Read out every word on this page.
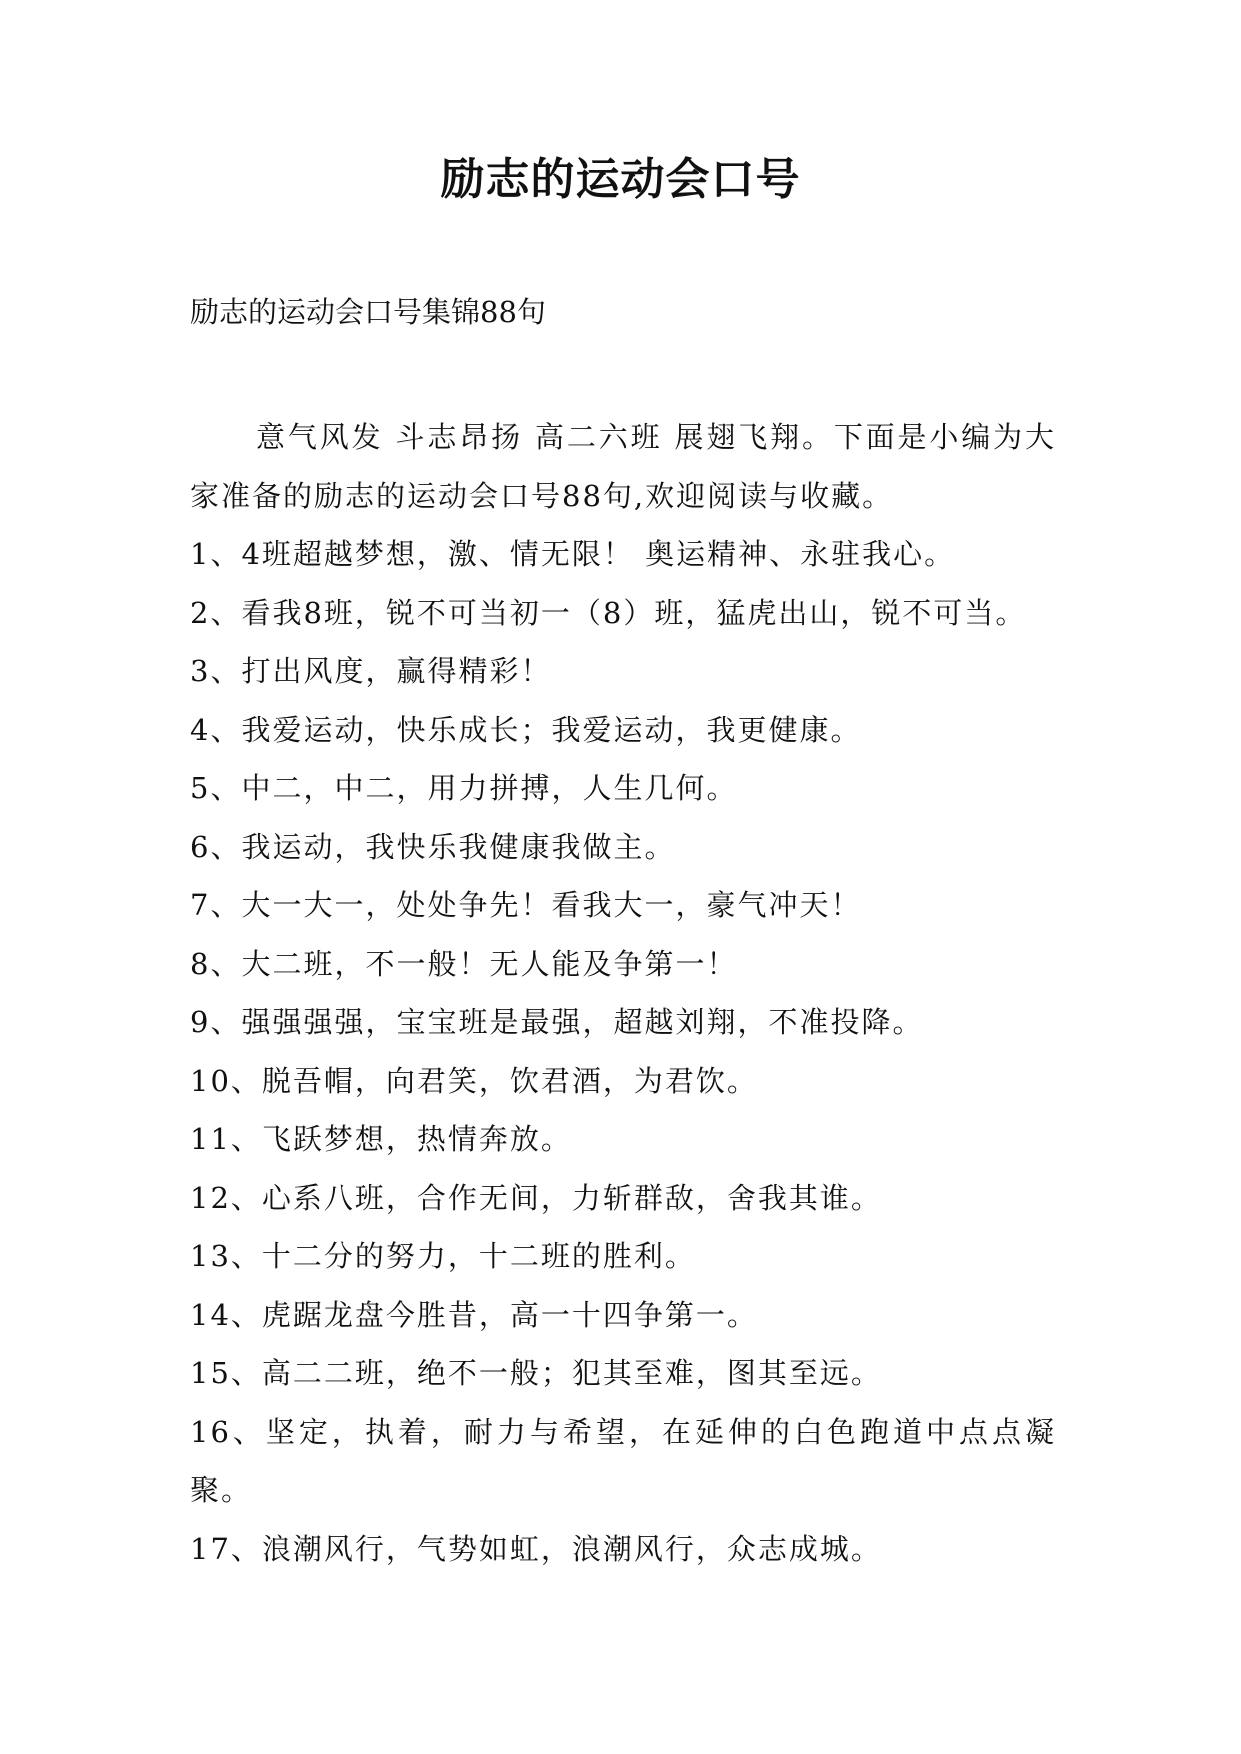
励志的运动会口号

励志的运动会口号集锦88句

意气风发 斗志昂扬 高二六班 展翅飞翔。下面是小编为大家准备的励志的运动会口号88句,欢迎阅读与收藏。

1、4班超越梦想，激、情无限！ 奥运精神、永驻我心。

2、看我8班，锐不可当初一（8）班，猛虎出山，锐不可当。

3、打出风度，赢得精彩！

4、我爱运动，快乐成长；我爱运动，我更健康。

5、中二，中二，用力拼搏，人生几何。

6、我运动，我快乐我健康我做主。

7、大一大一，处处争先！看我大一，豪气冲天！

8、大二班，不一般！无人能及争第一！

9、强强强强，宝宝班是最强，超越刘翔，不准投降。

10、脱吾帽，向君笑，饮君酒，为君饮。

11、飞跃梦想，热情奔放。

12、心系八班，合作无间，力斩群敌，舍我其谁。

13、十二分的努力，十二班的胜利。

14、虎踞龙盘今胜昔，高一十四争第一。

15、高二二班，绝不一般；犯其至难，图其至远。

16、坚定，执着，耐力与希望，在延伸的白色跑道中点点凝聚。

17、浪潮风行，气势如虹，浪潮风行，众志成城。
